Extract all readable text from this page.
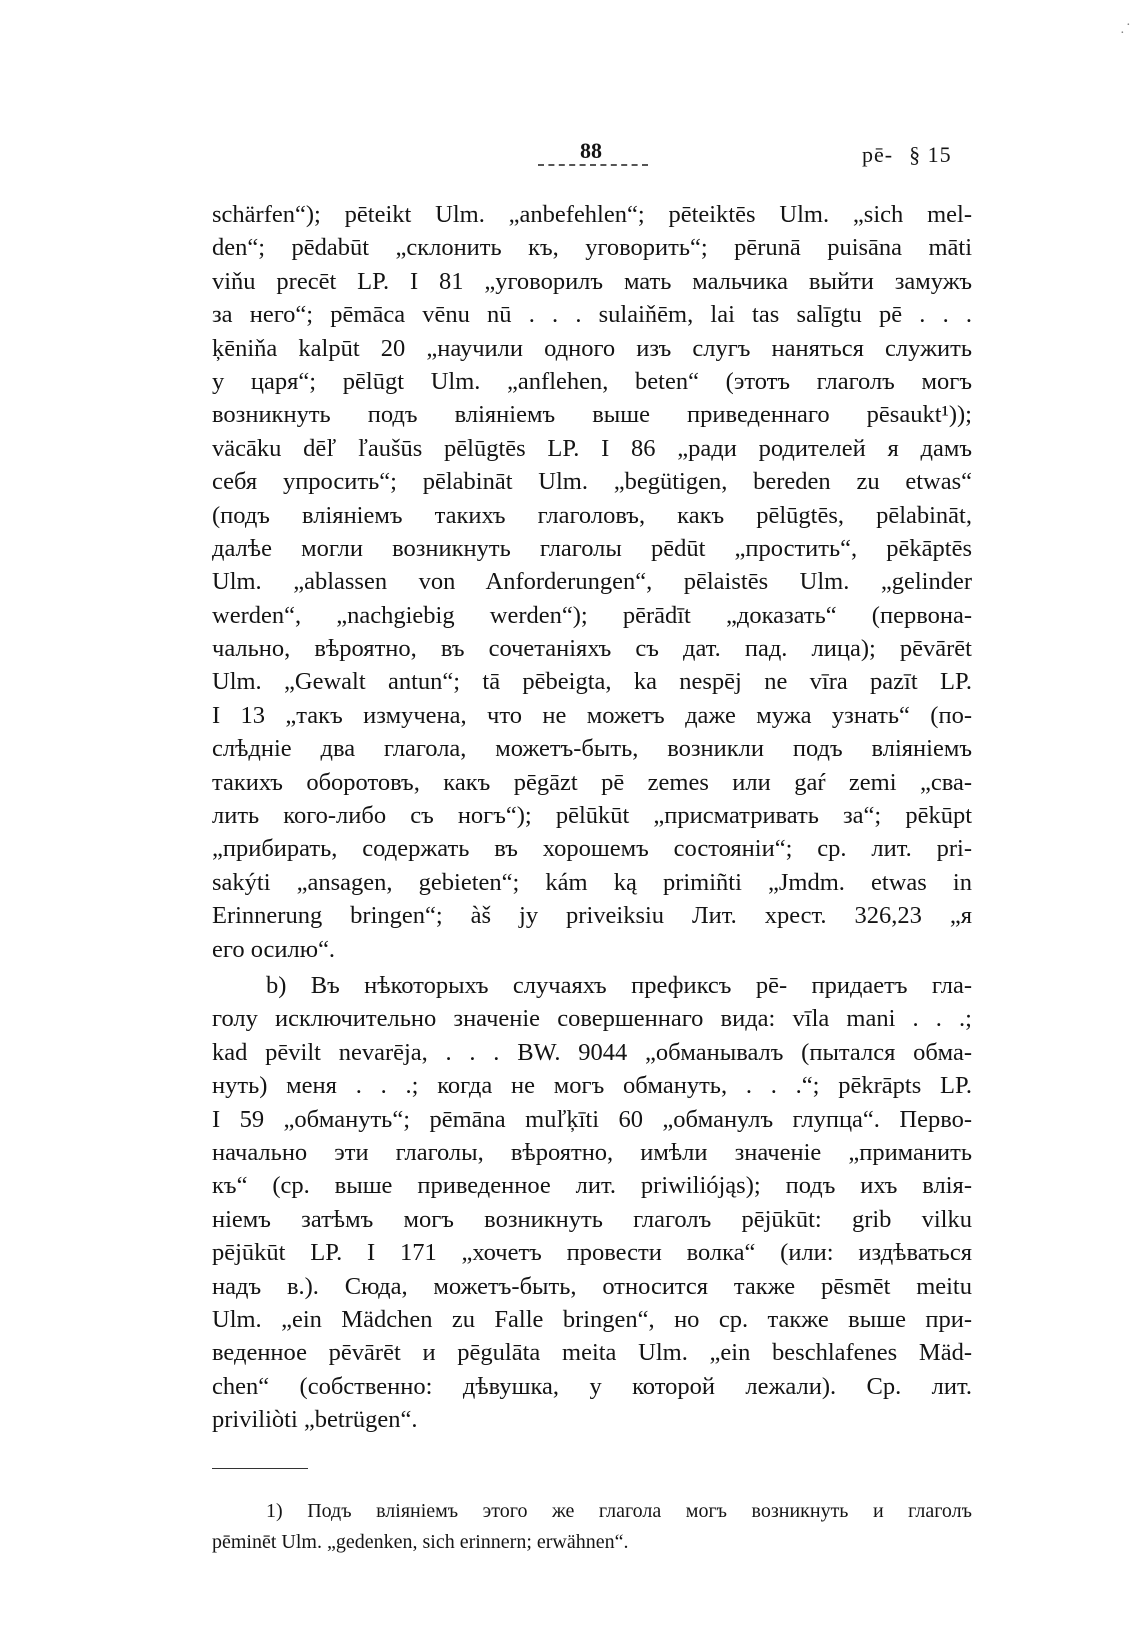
88	pē- § 15
·
·
schärfen“); pēteikt Ulm. „anbefehlen“; pēteiktēs Ulm. „sich mel-
den“; pēdabūt „склонить къ, уговорить“; pērunā puisāna māti
viňu precēt LP. I 81 „уговорилъ мать мальчика выйти замужъ
за него“; pēmāca vēnu nū . . . sulaiňēm, lai tas salīgtu pē . . .
ķēniňa kalpūt 20 „научили одного изъ слугъ наняться служить
у царя“; pēlūgt Ulm. „anflehen, beten“ (этотъ глаголъ могъ
возникнуть подъ вліяніемъ выше приведеннаго pēsaukt¹));
väcāku dēľ ľaušūs pēlūgtēs LP. I 86 „ради родителей я дамъ
себя упросить“; pēlabināt Ulm. „begütigen, bereden zu etwas“
(подъ вліяніемъ такихъ глаголовъ, какъ pēlūgtēs, pēlabināt,
далѣе могли возникнуть глаголы pēdūt „простить“, pēkāptēs
Ulm. „ablassen von Anforderungen“, pēlaistēs Ulm. „gelinder
werden“, „nachgiebig werden“); pērādīt „доказать“ (первона-
чально, вѣроятно, въ сочетаніяхъ съ дат. пад. лица); pēvārēt
Ulm. „Gewalt antun“; tā pēbeigta, ka nespēj ne vīra pazīt LP.
I 13 „такъ измучена, что не можетъ даже мужа узнать“ (по-
слѣдніе два глагола, можетъ-быть, возникли подъ вліяніемъ
такихъ оборотовъ, какъ pēgāzt pē zemes или gaŕ zemi „сва-
лить кого-либо съ ногъ“); pēlūkūt „присматривать за“; pēkūpt
„прибирать, содержать въ хорошемъ состояніи“; ср. лит. pri-
sakýti „ansagen, gebieten“; kám ką primiñti „Jmdm. etwas in
Erinnerung bringen“; àš jy priveiksiu Лит. хрест. 326,23 „я
его осилю“.
b) Въ нѣкоторыхъ случаяхъ префиксъ pē- придаетъ гла-
голу исключительно значеніе совершеннаго вида: vīla mani . . .;
kad pēvilt nevarēja, . . . BW. 9044 „обманывалъ (пытался обма-
нуть) меня . . .; когда не могъ обмануть, . . .“; pēkrāpts LP.
I 59 „обмануть“; pēmāna muľķīti 60 „обманулъ глупца“. Перво-
начально эти глаголы, вѣроятно, имѣли значеніе „приманить
къ“ (ср. выше приведенное лит. priwiliójąs); подъ ихъ влія-
ніемъ затѣмъ могъ возникнуть глаголъ pējūkūt: grib vilku
pējūkūt LP. I 171 „хочетъ провести волка“ (или: издѣваться
надъ в.). Сюда, можетъ-быть, относится также pēsmēt meitu
Ulm. „ein Mädchen zu Falle bringen“, но ср. также выше при-
веденное pēvārēt и pēgulāta meita Ulm. „ein beschlafenes Mäd-
chen“ (собственно: дѣвушка, у которой лежали). Ср. лит.
priviliòti „betrügen“.
1) Подъ вліяніемъ этого же глагола могъ возникнуть и глаголъ
pēminēt Ulm. „gedenken, sich erinnern; erwähnen“.
